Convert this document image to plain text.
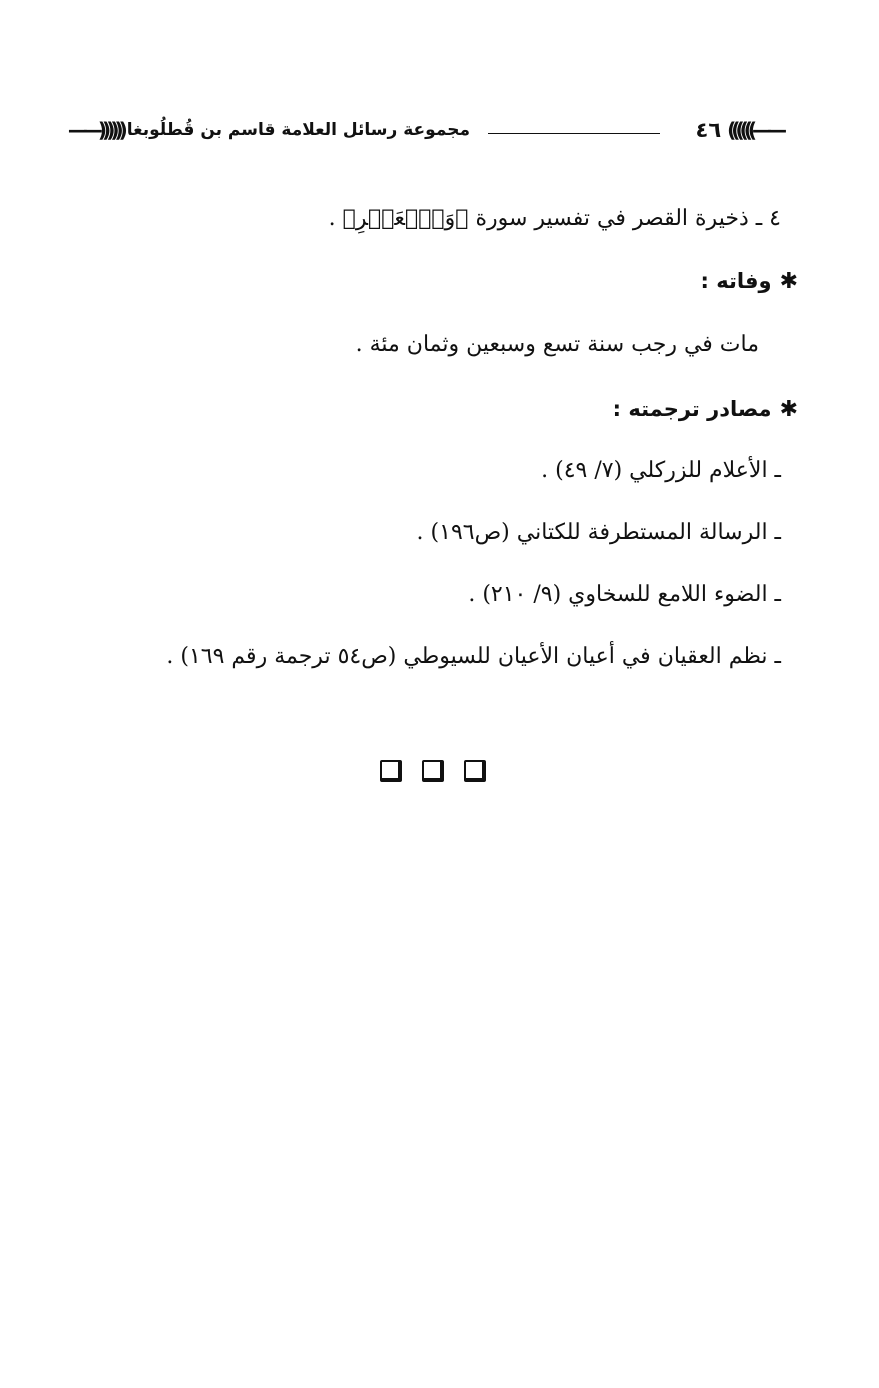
((((((——
٤٦
مجموعة رسائل العلامة قاسم بن قُطلُوبغا
——))))))
٤ ـ ذخيرة القصر في تفسير سورة ﴿وَٱلۡعَصۡرِ﴾ .
✱
وفاته :
مات في رجب سنة تسع وسبعين وثمان مئة .
✱
مصادر ترجمته :
ـ الأعلام للزركلي (٧/ ٤٩) .
ـ الرسالة المستطرفة للكتاني (ص١٩٦) .
ـ الضوء اللامع للسخاوي (٩/ ٢١٠) .
ـ نظم العقيان في أعيان الأعيان للسيوطي (ص٥٤ ترجمة رقم ١٦٩) .
